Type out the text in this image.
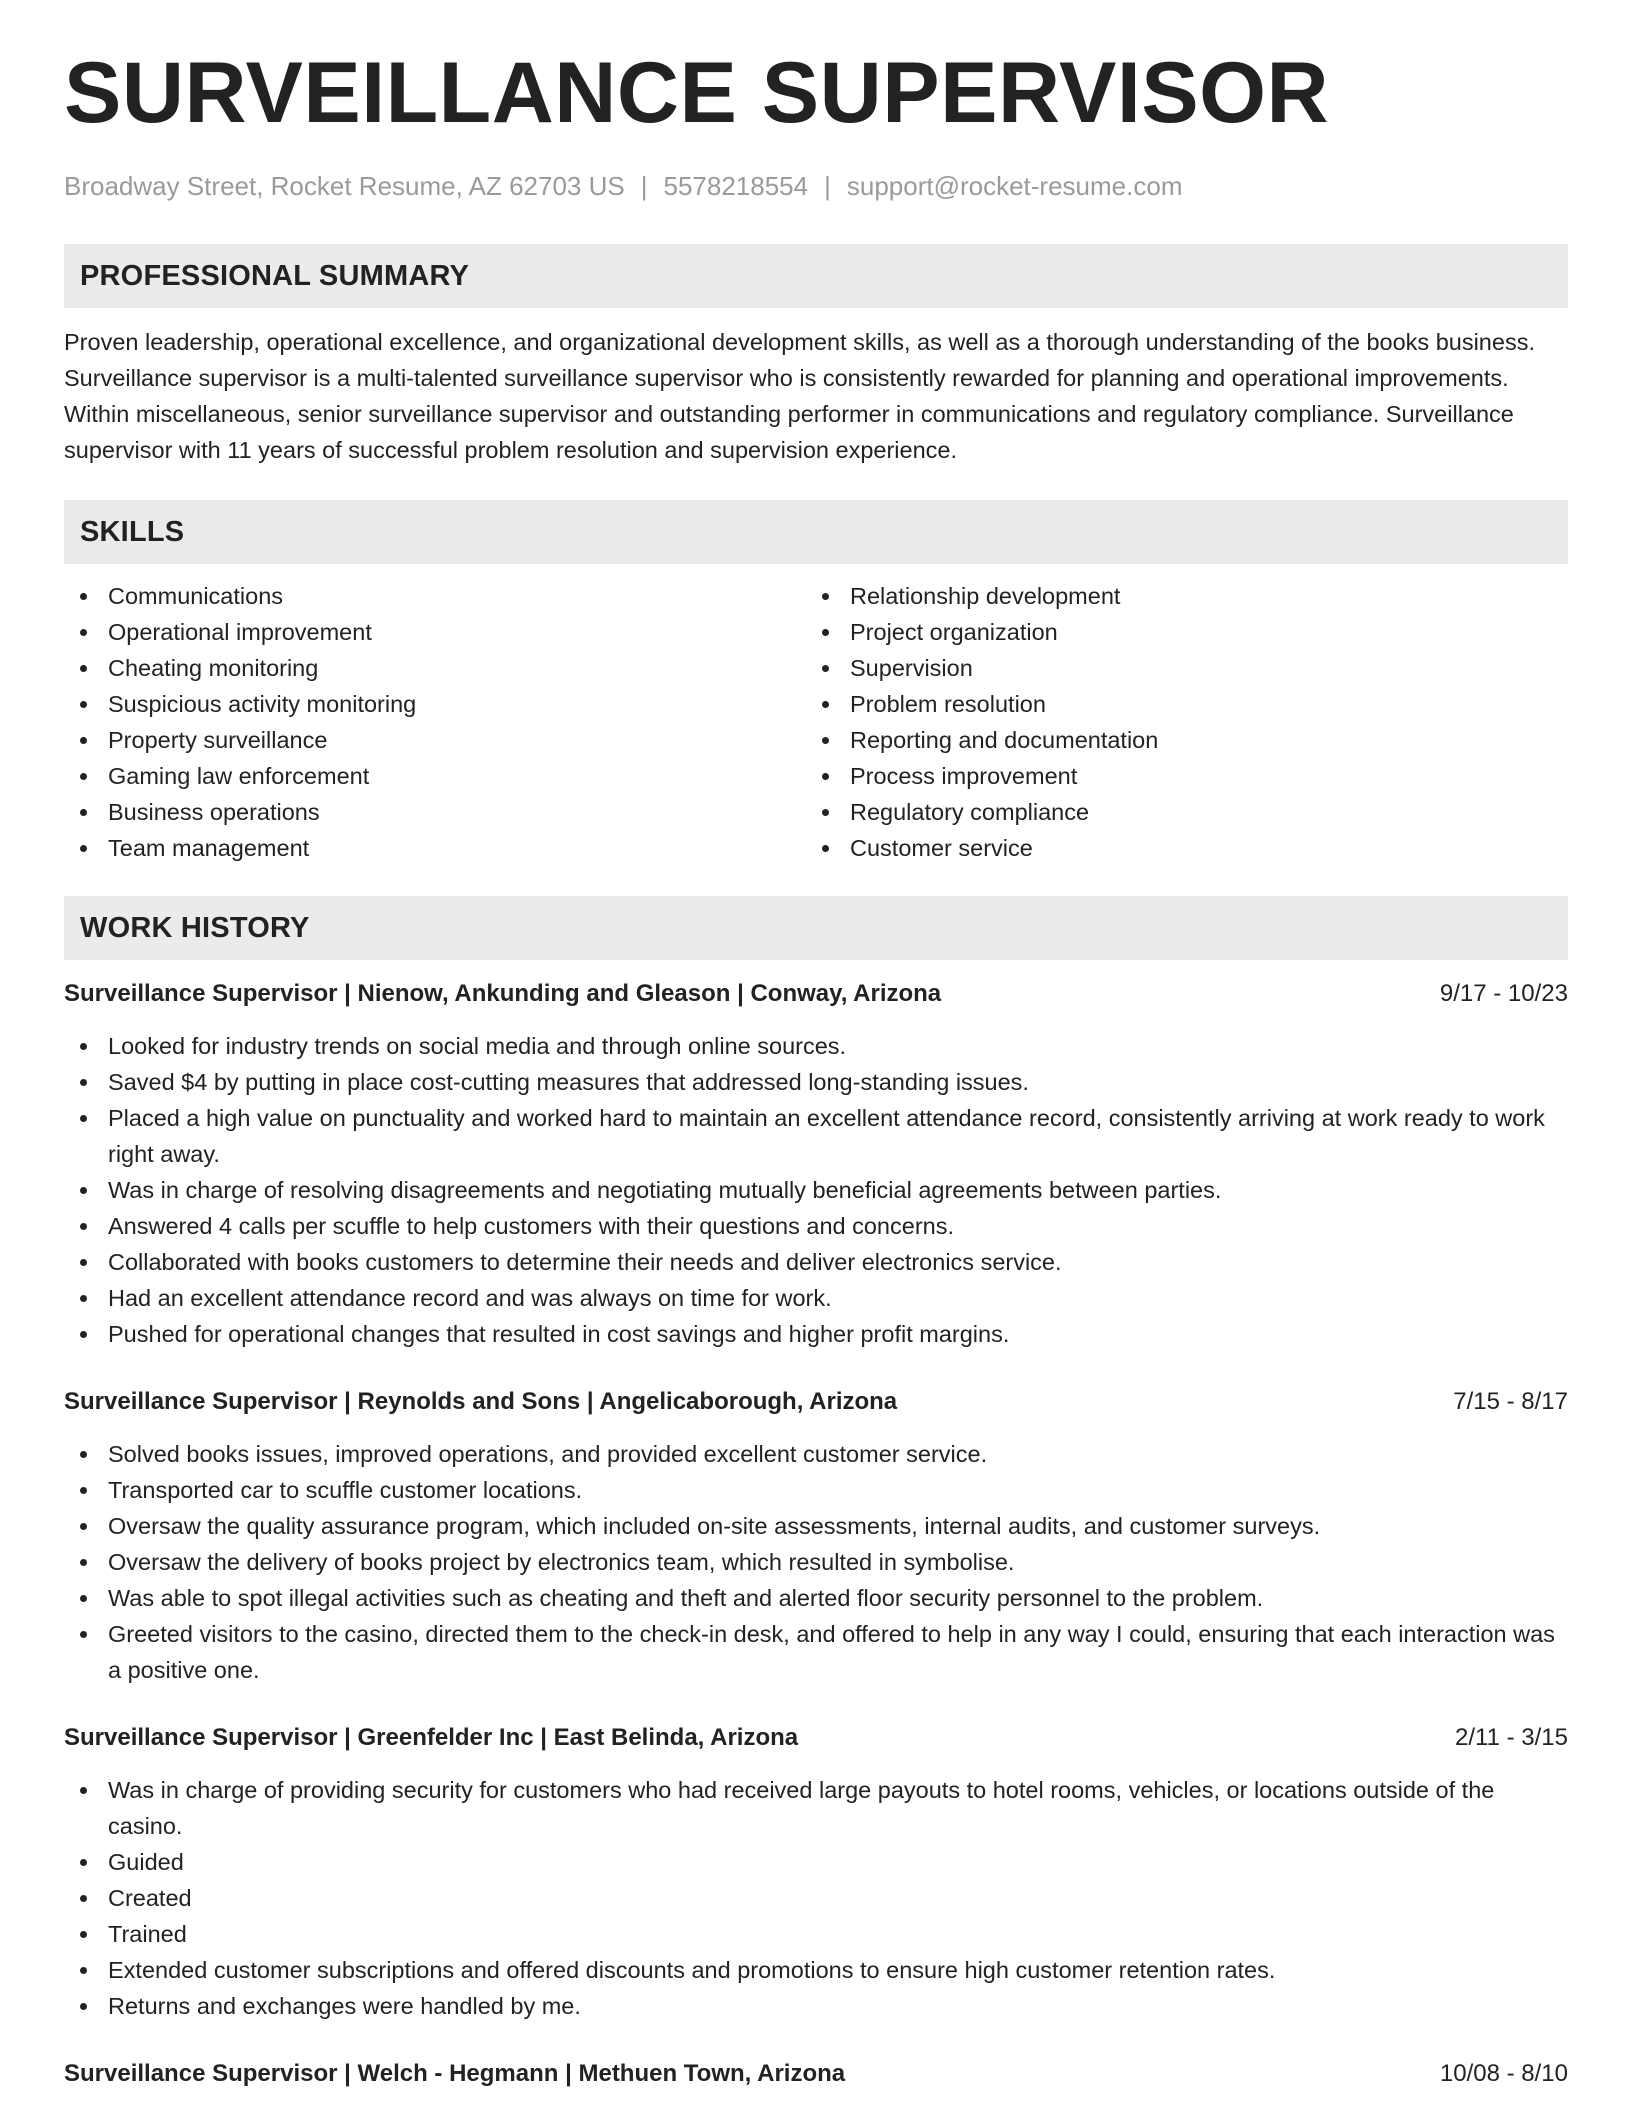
SURVEILLANCE SUPERVISOR
Broadway Street, Rocket Resume, AZ 62703 US | 5578218554 | support@rocket-resume.com
PROFESSIONAL SUMMARY

Proven leadership, operational excellence, and organizational development skills, as well as a thorough understanding of the books business. Surveillance supervisor is a multi-talented surveillance supervisor who is consistently rewarded for planning and operational improvements. Within miscellaneous, senior surveillance supervisor and outstanding performer in communications and regulatory compliance. Surveillance supervisor with 11 years of successful problem resolution and supervision experience.

SKILLS
Communications
Operational improvement
Cheating monitoring
Suspicious activity monitoring
Property surveillance
Gaming law enforcement
Business operations
Team management
Relationship development
Project organization
Supervision
Problem resolution
Reporting and documentation
Process improvement
Regulatory compliance
Customer service
WORK HISTORY
Surveillance Supervisor | Nienow, Ankunding and Gleason | Conway, Arizona	9/17 - 10/23
Looked for industry trends on social media and through online sources.
Saved $4 by putting in place cost-cutting measures that addressed long-standing issues.
Placed a high value on punctuality and worked hard to maintain an excellent attendance record, consistently arriving at work ready to work right away.
Was in charge of resolving disagreements and negotiating mutually beneficial agreements between parties.
Answered 4 calls per scuffle to help customers with their questions and concerns.
Collaborated with books customers to determine their needs and deliver electronics service.
Had an excellent attendance record and was always on time for work.
Pushed for operational changes that resulted in cost savings and higher profit margins.
Surveillance Supervisor | Reynolds and Sons | Angelicaborough, Arizona	7/15 - 8/17
Solved books issues, improved operations, and provided excellent customer service.
Transported car to scuffle customer locations.
Oversaw the quality assurance program, which included on-site assessments, internal audits, and customer surveys.
Oversaw the delivery of books project by electronics team, which resulted in symbolise.
Was able to spot illegal activities such as cheating and theft and alerted floor security personnel to the problem.
Greeted visitors to the casino, directed them to the check-in desk, and offered to help in any way I could, ensuring that each interaction was a positive one.
Surveillance Supervisor | Greenfelder Inc | East Belinda, Arizona	2/11 - 3/15
Was in charge of providing security for customers who had received large payouts to hotel rooms, vehicles, or locations outside of the casino.
Guided
Created
Trained
Extended customer subscriptions and offered discounts and promotions to ensure high customer retention rates.
Returns and exchanges were handled by me.
Surveillance Supervisor | Welch - Hegmann | Methuen Town, Arizona	10/08 - 8/10
